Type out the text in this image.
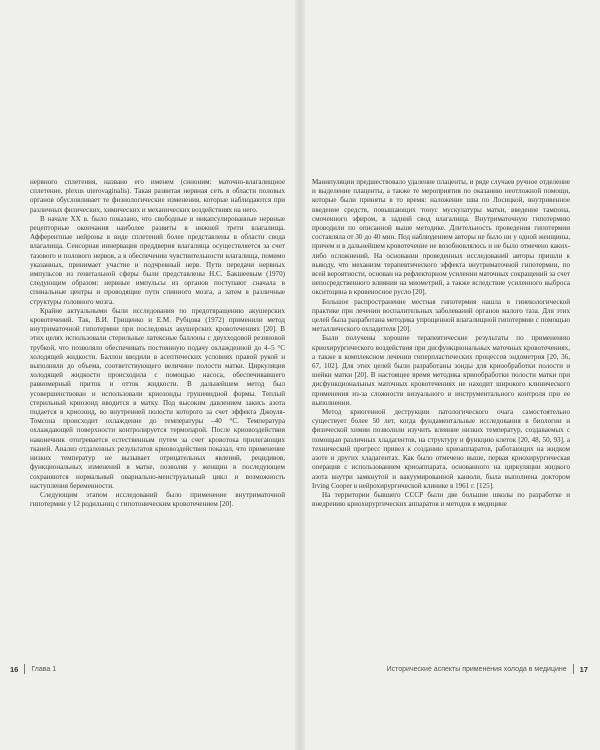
нервного сплетения, названо его именем (синоним: маточно-влагалищное сплетение, plexus uterovaginalis). Такая развитая нервная сеть в области половых органов обусловливает те физиологические изменения, которые наблюдаются при различных физических, химических и механических воздействиях на него.

В начале XX в. было показано, что свободные и инкапсулированные нервные рецепторные окончания наиболее развиты в нижней трети влагалища. Афферентные нейроны в виде сплетений более представлены в области свода влагалища. Сенсорная иннервация преддверия влагалища осуществляется за счет тазового и полового нервов, а в обеспечении чувствительности влагалища, помимо указанных, принимает участие и подчревный нерв. Пути передачи нервных импульсов из генитальной сферы были представлены Н.С. Бакшеевым (1970) следующим образом: нервные импульсы из органов поступают сначала в спинальные центры и проводящие пути спинного мозга, а затем в различные структуры головного мозга.

Крайне актуальными были исследования по предотвращению акушерских кровотечений. Так, В.И. Грищенко и Е.М. Рубцова (1972) применили метод внутриматочной гипотермии при последовых акушерских кровотечениях [20]. В этих целях использовали стерильные латексные баллоны с двухходовой резиновой трубкой, что позволяло обеспечивать постоянную подачу охлажденной до 4–5 °С холодящей жидкости. Баллон вводили в асептических условиях правой рукой и выполняли до объема, соответствующего величине полости матки. Циркуляция холодящей жидкости происходила с помощью насоса, обеспечивавшего равномерный приток и отток жидкости. В дальнейшем метод был усовершенствован и использовали криозонды грушевидной формы. Теплый стерильный криозонд вводится в матку. Под высоким давлением закись азота подается в криозонд, во внутренней полости которого за счет эффекта Джоуля-Томсона происходит охлаждение до температуры –40 °С. Температура охлаждающей поверхности контролируется термопарой. После криовоздействия наконечник отогревается естественным путем за счет кровотока прилегающих тканей. Анализ отдаленных результатов криовоздействия показал, что применение низких температур не вызывает отрицательных явлений, рецидивов, функциональных изменений в матке, позволяя у женщин в последующем сохраняются нормальный овариально-менструальный цикл и возможность наступления беременности.

Следующим этапом исследований было применение внутриматочной гипотермии у 12 родильниц с гипотоническим кровотечением [20].

Манипуляции предшествовало удаление плаценты, и ряде случаев ручное отделение и выделение плаценты, а также те мероприятия по оказанию неотложной помощи, которые были приняты в то время: наложение шва по Лосицкой, внутривенное введение средств, повышающих тонус мускулатуры матки, введение тампона, смоченного эфиром, в задний свод влагалища. Внутриматочную гипотермию проводили по описанной выше методике. Длительность проведения гипотермии составляла от 30 до 40 мин. Под наблюдением авторы не было ни у одной женщины, причем и в дальнейшем кровотечение не возобновлялось и не было отмечено каких-либо осложнений. На основании проведенных исследований авторы пришли к выводу, что механизм терапевтического эффекта внутриматочной гипотермии, по всей вероятности, основан на рефлекторном усилении маточных сокращений за счет непосредственного влияния на миометрий, а также вследствие усиленного выброса окситоцина в кровеносное русло [20].

Большое распространение местная гипотермия нашла в гинекологической практике при лечении воспалительных заболеваний органов малого таза. Для этих целей была разработана методика упрощенной влагалищной гипотермии с помощью металлического охладителя [20].

Были получены хорошие терапевтические результаты по применению криохирургического воздействия при дисфункциональных маточных кровотечениях, а также в комплексном лечении гиперпластических процессов эндометрия [20, 36, 67, 102]. Для этих целей были разработаны зонды для криообработки полости и шейки матки [20]. В настоящее время методика криообработки полости матки при дисфункциональных маточных кровотечениях не находит широкого клинического применения из-за сложности визуального и инструментального контроля при ее выполнении.

Метод криогенной деструкции патологического очага самостоятельно существует более 50 лет, когда фундаментальные исследования в биологии и физической химии позволили изучить влияние низких температур, создаваемых с помощью различных хладагентов, на структуру и функцию клеток [20, 48, 50, 93], а технический прогресс привел к созданию криоаппаратов, работающих на жидком азоте и других хладагентах. Как было отмечено выше, первая криохирургическая операция с использованием криоаппарата, основанного на циркуляции жидкого азота внутри замкнутой и вакуумированной канюли, была выполнена доктором Irving Cooper в нейрохирургической клинике в 1961 г. [125].

На территории бывшего СССР были две большие школы по разработке и внедрению криохирургических аппаратов и методов в медицине

16 Глава 1	Исторические аспекты применения холода в медицине 17
